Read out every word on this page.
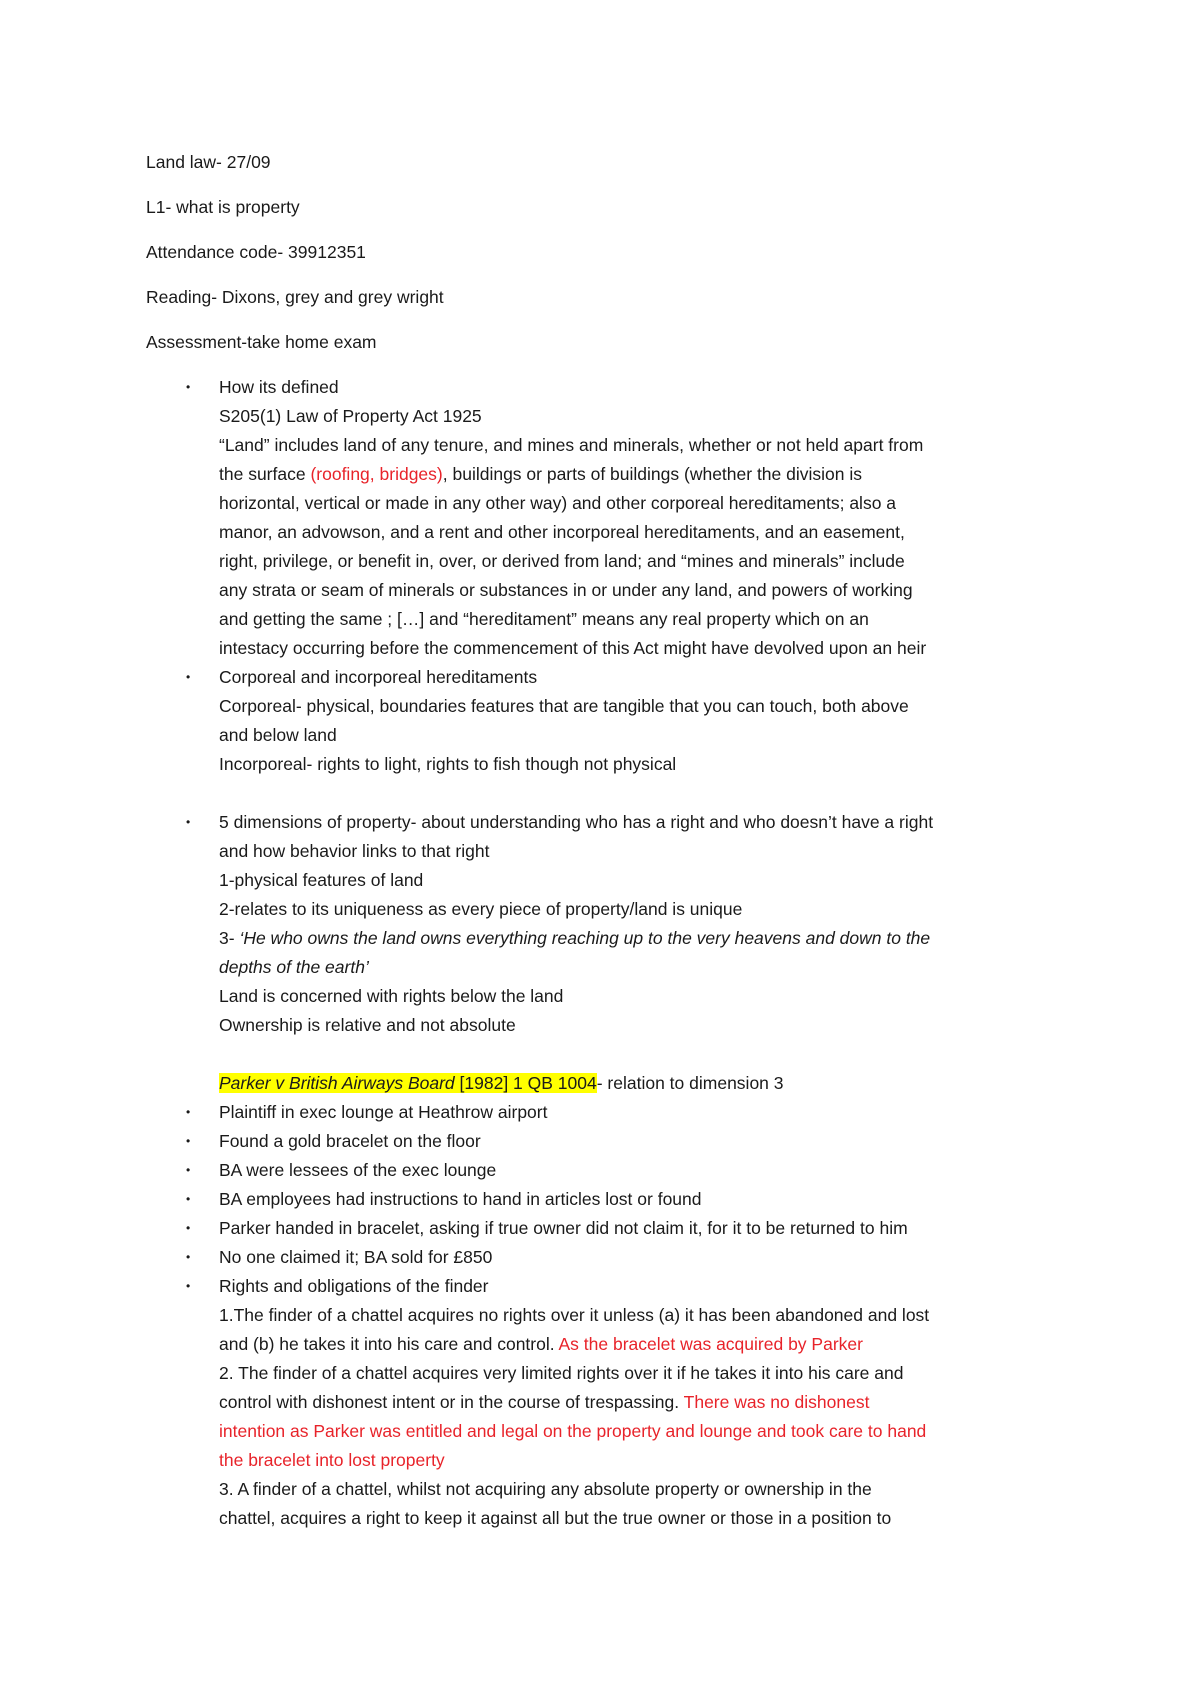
Land law- 27/09
L1- what is property
Attendance code- 39912351
Reading- Dixons, grey and grey wright
Assessment-take home exam
• How its defined
S205(1) Law of Property Act 1925
“Land” includes land of any tenure, and mines and minerals, whether or not held apart from
the surface (roofing, bridges), buildings or parts of buildings (whether the division is
horizontal, vertical or made in any other way) and other corporeal hereditaments; also a
manor, an advowson, and a rent and other incorporeal hereditaments, and an easement,
right, privilege, or benefit in, over, or derived from land; and “mines and minerals” include
any strata or seam of minerals or substances in or under any land, and powers of working
and getting the same ; […] and “hereditament” means any real property which on an
intestacy occurring before the commencement of this Act might have devolved upon an heir
• Corporeal and incorporeal hereditaments
Corporeal- physical, boundaries features that are tangible that you can touch, both above
and below land
Incorporeal- rights to light, rights to fish though not physical
• 5 dimensions of property- about understanding who has a right and who doesn’t have a right
and how behavior links to that right
1-physical features of land
2-relates to its uniqueness as every piece of property/land is unique
3- ‘He who owns the land owns everything reaching up to the very heavens and down to the
depths of the earth’
Land is concerned with rights below the land
Ownership is relative and not absolute
Parker v British Airways Board [1982] 1 QB 1004- relation to dimension 3
• Plaintiff in exec lounge at Heathrow airport
• Found a gold bracelet on the floor
• BA were lessees of the exec lounge
• BA employees had instructions to hand in articles lost or found
• Parker handed in bracelet, asking if true owner did not claim it, for it to be returned to him
• No one claimed it; BA sold for £850
• Rights and obligations of the finder
1.The finder of a chattel acquires no rights over it unless (a) it has been abandoned and lost
and (b) he takes it into his care and control. As the bracelet was acquired by Parker
2. The finder of a chattel acquires very limited rights over it if he takes it into his care and
control with dishonest intent or in the course of trespassing. There was no dishonest
intention as Parker was entitled and legal on the property and lounge and took care to hand
the bracelet into lost property
3. A finder of a chattel, whilst not acquiring any absolute property or ownership in the
chattel, acquires a right to keep it against all but the true owner or those in a position to
